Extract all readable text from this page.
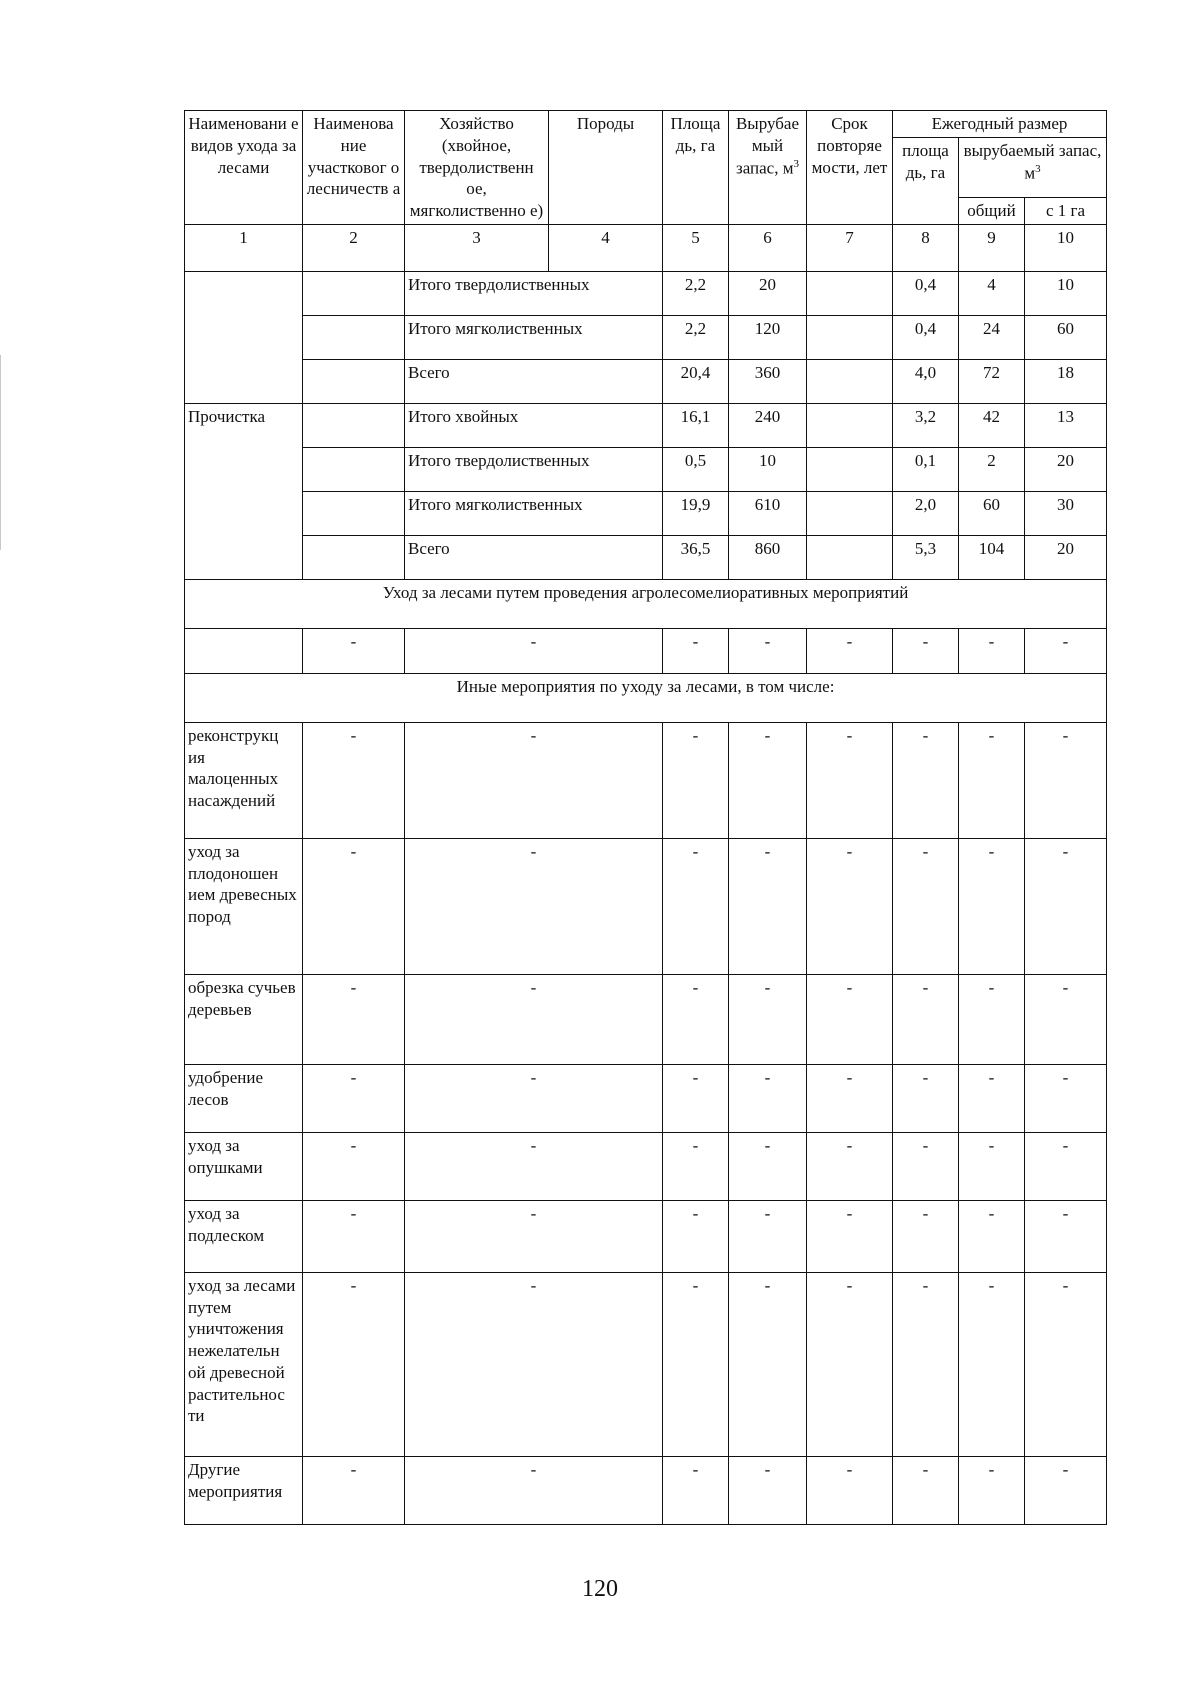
Наименовани е видов ухода за лесами	Наименова ние участковог о лесничеств а	Хозяйство (хвойное, твердолиственн ое, мягколиственно е)	Породы	Площа дь, га	Вырубае мый запас, $м^3$	Срок повторяе мости, лет	Ежегодный размер		
							площа дь, га	вырубаемый запас, $м^3$
								общий	с 1 га
1	2	3	4	5	6	7	8	9	10
		Итого твердолиственных		2,2	20		0,4	4	10
		Итого мягколиственных		2,2	120		0,4	24	60
		Всего		20,4	360		4,0	72	18
Прочистка		Итого хвойных		16,1	240		3,2	42	13
		Итого твердолиственных		0,5	10		0,1	2	20
		Итого мягколиственных		19,9	610		2,0	60	30
		Всего		36,5	860		5,3	104	20
Уход за лесами путем проведения агролесомелиоративных мероприятий									
	-	-		-	-	-	-	-	-
Иные мероприятия по уходу за лесами, в том числе:									
реконструкц ия малоценных насаждений	-	-		-	-	-	-	-	-
уход за плодоношен ием древесных пород	-	-		-	-	-	-	-	-
обрезка сучьев деревьев	-	-		-	-	-	-	-	-
удобрение лесов	-	-		-	-	-	-	-	-
уход за опушками	-	-		-	-	-	-	-	-
уход за подлеском	-	-		-	-	-	-	-	-
уход за лесами путем уничтожения нежелательн ой древесной растительнос ти	-	-		-	-	-	-	-	-
Другие мероприятия	-	-		-	-	-	-	-	-
120
